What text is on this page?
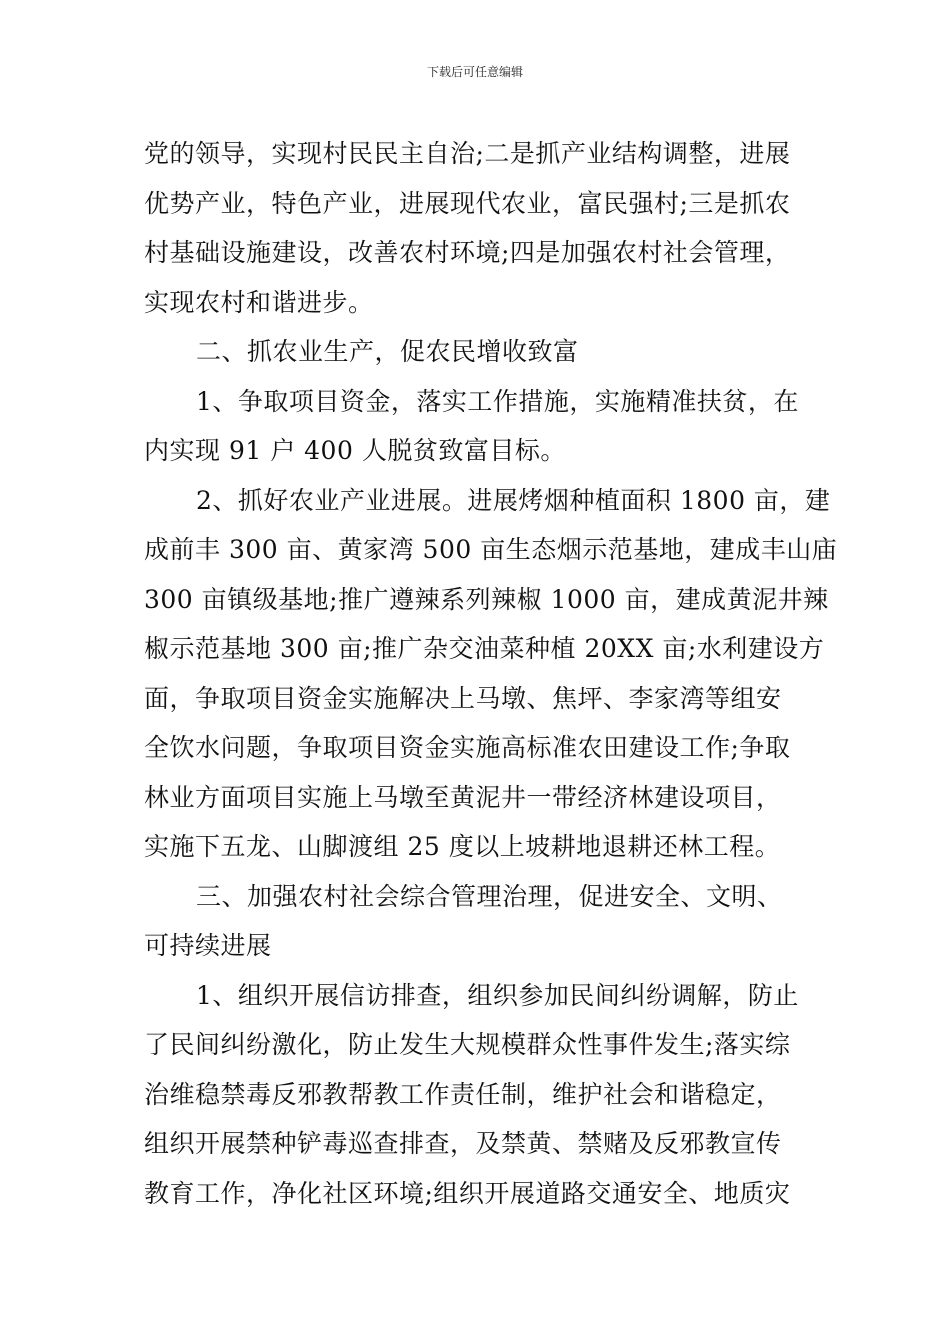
下载后可任意编辑
党的领导，实现村民民主自治;二是抓产业结构调整，进展
优势产业，特色产业，进展现代农业，富民强村;三是抓农
村基础设施建设，改善农村环境;四是加强农村社会管理，
实现农村和谐进步。
二、抓农业生产，促农民增收致富
1、争取项目资金，落实工作措施，实施精准扶贫，在
内实现 91 户 400 人脱贫致富目标。
2、抓好农业产业进展。进展烤烟种植面积 1800 亩，建
成前丰 300 亩、黄家湾 500 亩生态烟示范基地，建成丰山庙
300 亩镇级基地;推广遵辣系列辣椒 1000 亩，建成黄泥井辣
椒示范基地 300 亩;推广杂交油菜种植 20XX 亩;水利建设方
面，争取项目资金实施解决上马墩、焦坪、李家湾等组安
全饮水问题，争取项目资金实施高标准农田建设工作;争取
林业方面项目实施上马墩至黄泥井一带经济林建设项目，
实施下五龙、山脚渡组 25 度以上坡耕地退耕还林工程。
三、加强农村社会综合管理治理，促进安全、文明、
可持续进展
1、组织开展信访排查，组织参加民间纠纷调解，防止
了民间纠纷激化，防止发生大规模群众性事件发生;落实综
治维稳禁毒反邪教帮教工作责任制，维护社会和谐稳定，
组织开展禁种铲毒巡查排查，及禁黄、禁赌及反邪教宣传
教育工作，净化社区环境;组织开展道路交通安全、地质灾
